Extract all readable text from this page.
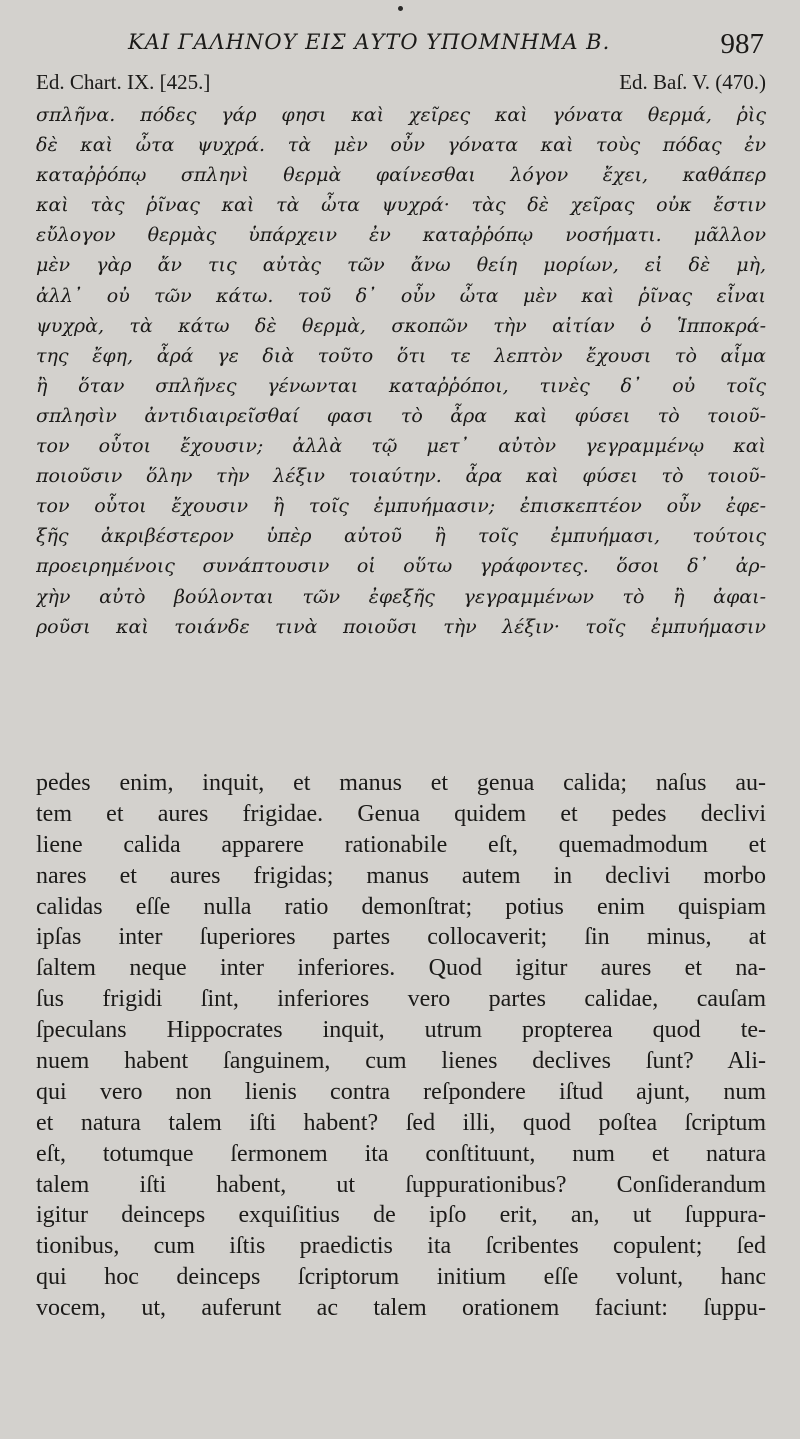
ΚΑΙ ΓΑΛΗΝΟΥ ΕΙΣ ΑΥΤΟ ΥΠΟΜΝΗΜΑ Β.	987
Ed. Chart. IX. [425.]	Ed. Baſ. V. (470.)
σπλῆνα. πόδες γάρ φησι καὶ χεῖρες καὶ γόνατα θερμά, ῥὶς
δὲ καὶ ὦτα ψυχρά. τὰ μὲν οὖν γόνατα καὶ τοὺς πόδας ἐν
καταῤῥόπῳ σπληνὶ θερμὰ φαίνεσθαι λόγον ἔχει, καθάπερ
καὶ τὰς ῥῖνας καὶ τὰ ὦτα ψυχρά· τὰς δὲ χεῖρας οὐκ ἔστιν
εὔλογον θερμὰς ὑπάρχειν ἐν καταῤῥόπῳ νοσήματι. μᾶλλον
μὲν γὰρ ἄν τις αὐτὰς τῶν ἄνω θείη μορίων, εἰ δὲ μὴ,
ἀλλ᾽ οὐ τῶν κάτω. τοῦ δ᾽ οὖν ὦτα μὲν καὶ ῥῖνας εἶναι
ψυχρὰ, τὰ κάτω δὲ θερμὰ, σκοπῶν τὴν αἰτίαν ὁ Ἱπποκρά-
της ἔφη, ἆρά γε διὰ τοῦτο ὅτι τε λεπτὸν ἔχουσι τὸ αἷμα
ἢ ὅταν σπλῆνες γένωνται καταῤῥόποι, τινὲς δ᾽ οὐ τοῖς
σπλησὶν ἀντιδιαιρεῖσθαί φασι τὸ ἆρα καὶ φύσει τὸ τοιοῦ-
τον οὗτοι ἔχουσιν; ἀλλὰ τῷ μετ᾽ αὐτὸν γεγραμμένῳ καὶ
ποιοῦσιν ὅλην τὴν λέξιν τοιαύτην. ἆρα καὶ φύσει τὸ τοιοῦ-
τον οὗτοι ἔχουσιν ἢ τοῖς ἐμπυήμασιν; ἐπισκεπτέον οὖν ἐφε-
ξῆς ἀκριβέστερον ὑπὲρ αὐτοῦ ἢ τοῖς ἐμπυήμασι, τούτοις
προειρημένοις συνάπτουσιν οἱ οὕτω γράφοντες. ὅσοι δ᾽ ἀρ-
χὴν αὐτὸ βούλονται τῶν ἐφεξῆς γεγραμμένων τὸ ἢ ἀφαι-
ροῦσι καὶ τοιάνδε τινὰ ποιοῦσι τὴν λέξιν· τοῖς ἐμπυήμασιν
pedes enim, inquit, et manus et genua calida; naſus au-
tem et aures frigidae. Genua quidem et pedes declivi
liene calida apparere rationabile eſt, quemadmodum et
nares et aures frigidas; manus autem in declivi morbo
calidas eſſe nulla ratio demonſtrat; potius enim quispiam
ipſas inter ſuperiores partes collocaverit; ſin minus, at
ſaltem neque inter inferiores. Quod igitur aures et na-
ſus frigidi ſint, inferiores vero partes calidae, cauſam
ſpeculans Hippocrates inquit, utrum propterea quod te-
nuem habent ſanguinem, cum lienes declives ſunt? Ali-
qui vero non lienis contra reſpondere iſtud ajunt, num
et natura talem iſti habent? ſed illi, quod poſtea ſcriptum
eſt, totumque ſermonem ita conſtituunt, num et natura
talem iſti habent, ut ſuppurationibus? Conſiderandum
igitur deinceps exquiſitius de ipſo erit, an, ut ſuppura-
tionibus, cum iſtis praedictis ita ſcribentes copulent; ſed
qui hoc deinceps ſcriptorum initium eſſe volunt, hanc
vocem, ut, auferunt ac talem orationem faciunt: ſuppu-
